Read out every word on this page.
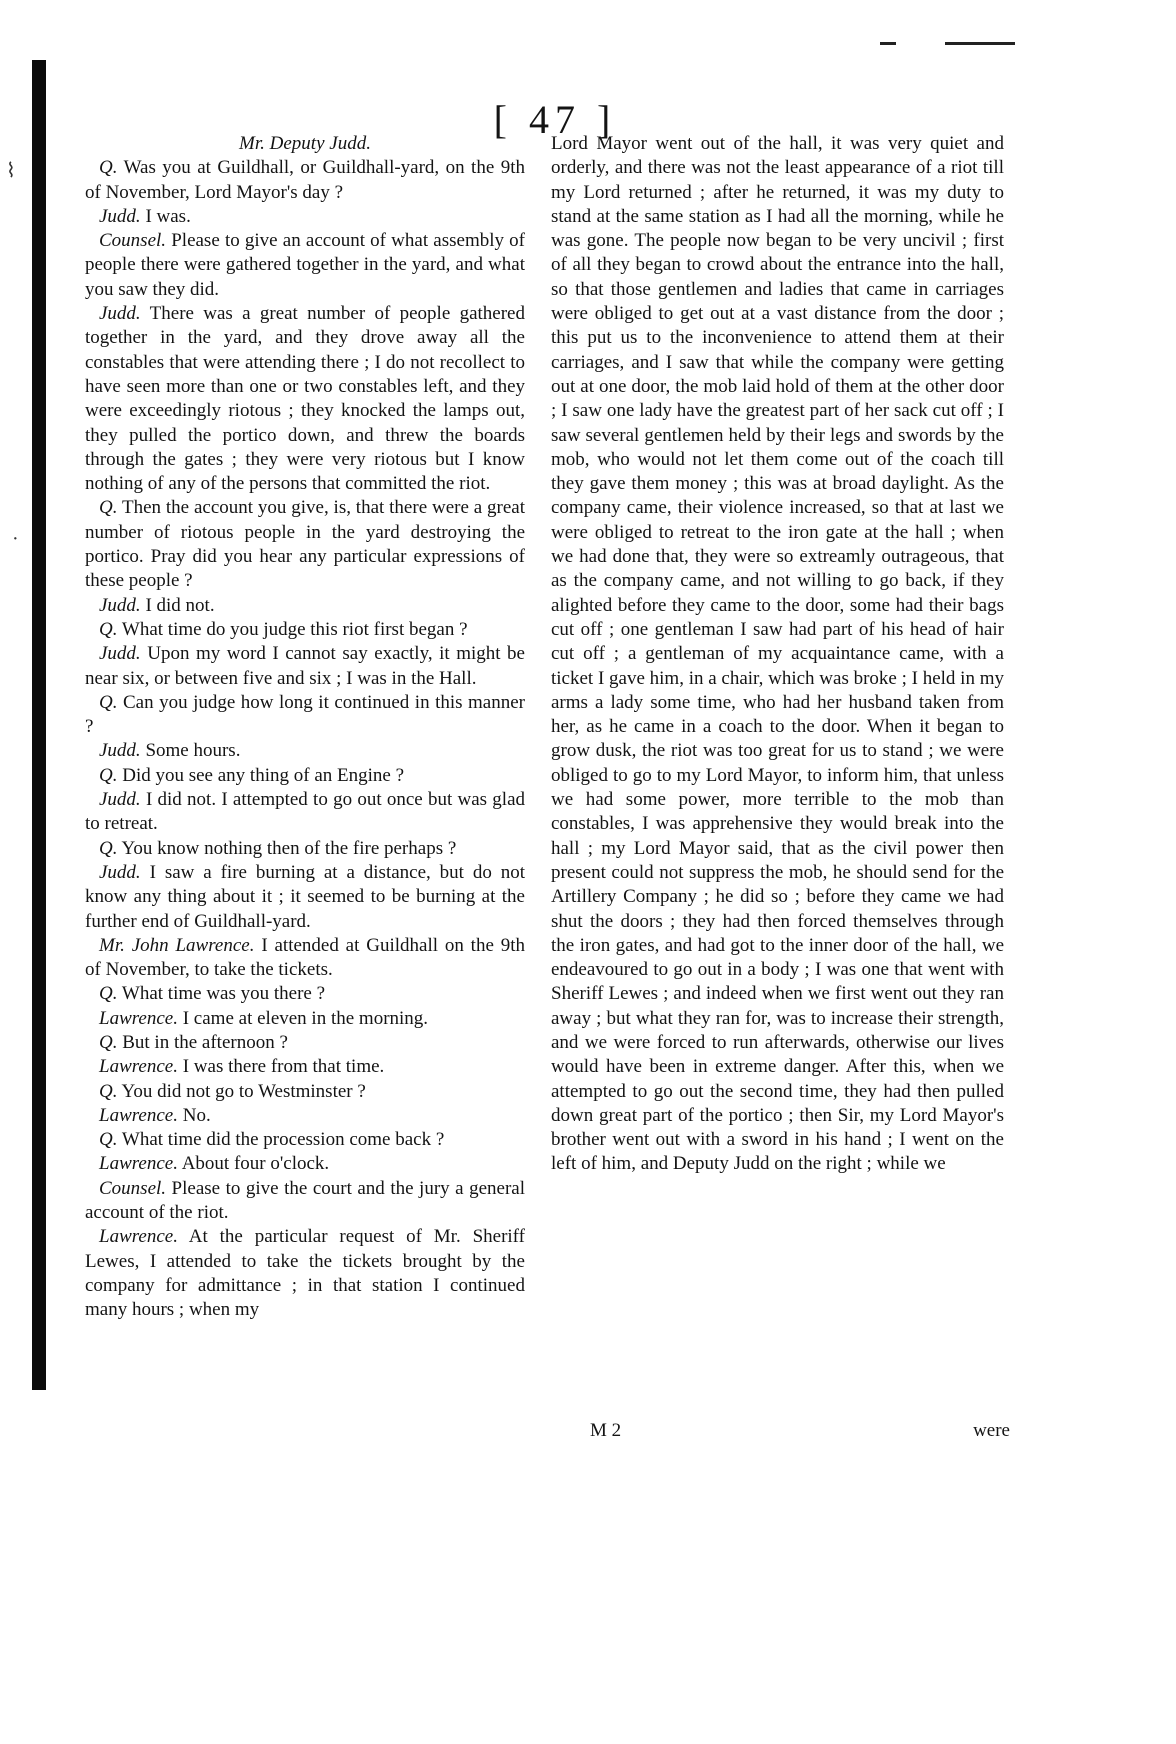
⌇
·
[ 47 ]

Mr. Deputy Judd.

Q. Was you at Guildhall, or Guildhall-yard, on the 9th of November, Lord Mayor's day ?

Judd. I was.

Counsel. Please to give an account of what assembly of people there were gathered together in the yard, and what you saw they did.

Judd. There was a great number of people gathered together in the yard, and they drove away all the constables that were attending there ; I do not recollect to have seen more than one or two constables left, and they were exceedingly riotous ; they knocked the lamps out, they pulled the portico down, and threw the boards through the gates ; they were very riotous but I know nothing of any of the persons that committed the riot.

Q. Then the account you give, is, that there were a great number of riotous people in the yard destroying the portico. Pray did you hear any particular expressions of these people ?

Judd. I did not.

Q. What time do you judge this riot first began ?

Judd. Upon my word I cannot say exactly, it might be near six, or between five and six ; I was in the Hall.

Q. Can you judge how long it continued in this manner ?

Judd. Some hours.

Q. Did you see any thing of an Engine ?

Judd. I did not. I attempted to go out once but was glad to retreat.

Q. You know nothing then of the fire perhaps ?

Judd. I saw a fire burning at a distance, but do not know any thing about it ; it seemed to be burning at the further end of Guildhall-yard.

Mr. John Lawrence. I attended at Guildhall on the 9th of November, to take the tickets.

Q. What time was you there ?

Lawrence. I came at eleven in the morning.

Q. But in the afternoon ?

Lawrence. I was there from that time.

Q. You did not go to Westminster ?

Lawrence. No.

Q. What time did the procession come back ?

Lawrence. About four o'clock.

Counsel. Please to give the court and the jury a general account of the riot.

Lawrence. At the particular request of Mr. Sheriff Lewes, I attended to take the tickets brought by the company for admittance ; in that station I continued many hours ; when my

Lord Mayor went out of the hall, it was very quiet and orderly, and there was not the least appearance of a riot till my Lord returned ; after he returned, it was my duty to stand at the same station as I had all the morning, while he was gone. The people now began to be very uncivil ; first of all they began to crowd about the entrance into the hall, so that those gentlemen and ladies that came in carriages were obliged to get out at a vast distance from the door ; this put us to the inconvenience to attend them at their carriages, and I saw that while the company were getting out at one door, the mob laid hold of them at the other door ; I saw one lady have the greatest part of her sack cut off ; I saw several gentlemen held by their legs and swords by the mob, who would not let them come out of the coach till they gave them money ; this was at broad daylight. As the company came, their violence increased, so that at last we were obliged to retreat to the iron gate at the hall ; when we had done that, they were so extreamly outrageous, that as the company came, and not willing to go back, if they alighted before they came to the door, some had their bags cut off ; one gentleman I saw had part of his head of hair cut off ; a gentleman of my acquaintance came, with a ticket I gave him, in a chair, which was broke ; I held in my arms a lady some time, who had her husband taken from her, as he came in a coach to the door. When it began to grow dusk, the riot was too great for us to stand ; we were obliged to go to my Lord Mayor, to inform him, that unless we had some power, more terrible to the mob than constables, I was apprehensive they would break into the hall ; my Lord Mayor said, that as the civil power then present could not suppress the mob, he should send for the Artillery Company ; he did so ; before they came we had shut the doors ; they had then forced themselves through the iron gates, and had got to the inner door of the hall, we endeavoured to go out in a body ; I was one that went with Sheriff Lewes ; and indeed when we first went out they ran away ; but what they ran for, was to increase their strength, and we were forced to run afterwards, otherwise our lives would have been in extreme danger. After this, when we attempted to go out the second time, they had then pulled down great part of the portico ; then Sir, my Lord Mayor's brother went out with a sword in his hand ; I went on the left of him, and Deputy Judd on the right ; while we

M 2	were
